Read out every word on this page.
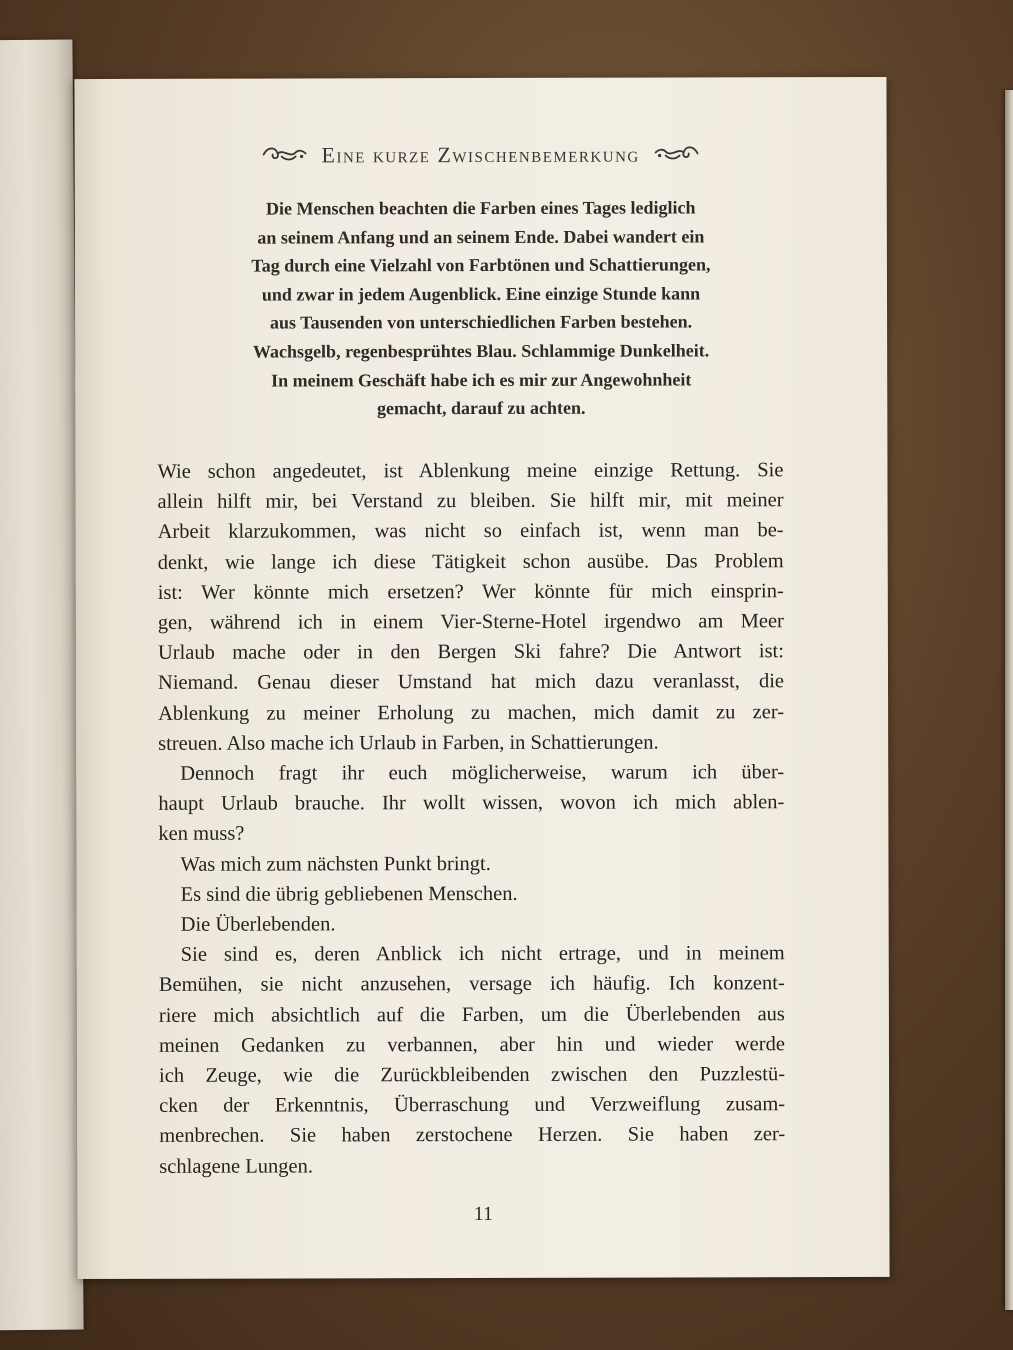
Eine kurze Zwischenbemerkung

Die Menschen beachten die Farben eines Tages lediglich

an seinem Anfang und an seinem Ende. Dabei wandert ein

Tag durch eine Vielzahl von Farbtönen und Schattierungen,

und zwar in jedem Augenblick. Eine einzige Stunde kann

aus Tausenden von unterschiedlichen Farben bestehen.

Wachsgelb, regenbesprühtes Blau. Schlammige Dunkelheit.

In meinem Geschäft habe ich es mir zur Angewohnheit

gemacht, darauf zu achten.

Wie schon angedeutet, ist Ablenkung meine einzige Rettung. Sie
allein hilft mir, bei Verstand zu bleiben. Sie hilft mir, mit meiner
Arbeit klarzukommen, was nicht so einfach ist, wenn man be-
denkt, wie lange ich diese Tätigkeit schon ausübe. Das Problem
ist: Wer könnte mich ersetzen? Wer könnte für mich einsprin-
gen, während ich in einem Vier-Sterne-Hotel irgendwo am Meer
Urlaub mache oder in den Bergen Ski fahre? Die Antwort ist:
Niemand. Genau dieser Umstand hat mich dazu veranlasst, die
Ablenkung zu meiner Erholung zu machen, mich damit zu zer-
streuen. Also mache ich Urlaub in Farben, in Schattierungen.
Dennoch fragt ihr euch möglicherweise, warum ich über-
haupt Urlaub brauche. Ihr wollt wissen, wovon ich mich ablen-
ken muss?
Was mich zum nächsten Punkt bringt.
Es sind die übrig gebliebenen Menschen.
Die Überlebenden.
Sie sind es, deren Anblick ich nicht ertrage, und in meinem
Bemühen, sie nicht anzusehen, versage ich häufig. Ich konzent-
riere mich absichtlich auf die Farben, um die Überlebenden aus
meinen Gedanken zu verbannen, aber hin und wieder werde
ich Zeuge, wie die Zurückbleibenden zwischen den Puzzlestü-
cken der Erkenntnis, Überraschung und Verzweiflung zusam-
menbrechen. Sie haben zerstochene Herzen. Sie haben zer-
schlagene Lungen.
11
